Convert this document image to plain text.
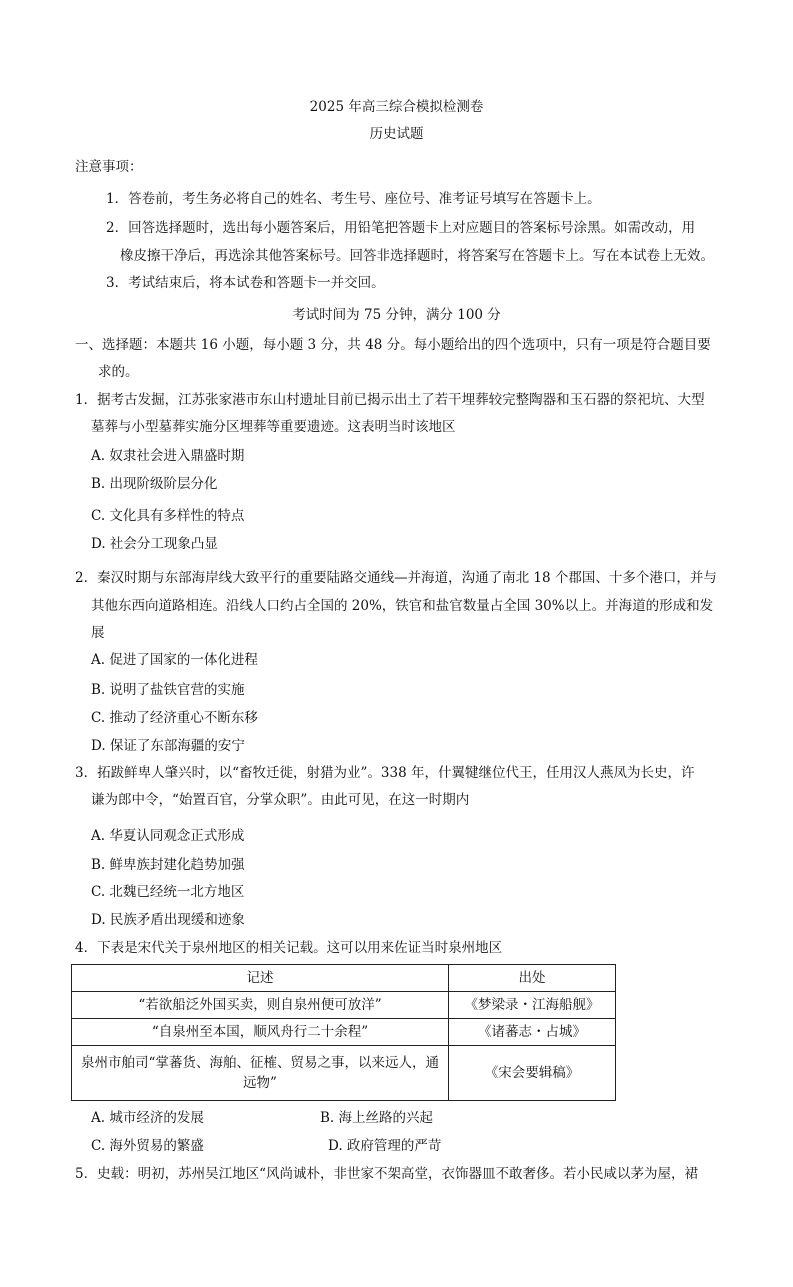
2025 年高三综合模拟检测卷
历史试题
注意事项：
1．答卷前，考生务必将自己的姓名、考生号、座位号、准考证号填写在答题卡上。
2．回答选择题时，选出每小题答案后，用铅笔把答题卡上对应题目的答案标号涂黑。如需改动，用
橡皮擦干净后，再选涂其他答案标号。回答非选择题时，将答案写在答题卡上。写在本试卷上无效。
3．考试结束后，将本试卷和答题卡一并交回。
考试时间为 75 分钟，满分 100 分
一、选择题：本题共 16 小题，每小题 3 分，共 48 分。每小题给出的四个选项中，只有一项是符合题目要
求的。
1．据考古发掘，江苏张家港市东山村遗址目前已揭示出土了若干埋葬较完整陶器和玉石器的祭祀坑、大型
墓葬与小型墓葬实施分区埋葬等重要遗迹。这表明当时该地区
A. 奴隶社会进入鼎盛时期
B. 出现阶级阶层分化
C. 文化具有多样性的特点
D. 社会分工现象凸显
2．秦汉时期与东部海岸线大致平行的重要陆路交通线—并海道，沟通了南北 18 个郡国、十多个港口，并与
其他东西向道路相连。沿线人口约占全国的 20%，铁官和盐官数量占全国 30%以上。并海道的形成和发
展
A. 促进了国家的一体化进程
B. 说明了盐铁官营的实施
C. 推动了经济重心不断东移
D. 保证了东部海疆的安宁
3．拓跋鲜卑人肇兴时，以“畜牧迁徙，射猎为业”。338 年，什翼犍继位代王，任用汉人燕凤为长史，许
谦为郎中令，“始置百官，分掌众职”。由此可见，在这一时期内
A. 华夏认同观念正式形成
B. 鲜卑族封建化趋势加强
C. 北魏已经统一北方地区
D. 民族矛盾出现缓和迹象
4．下表是宋代关于泉州地区的相关记载。这可以用来佐证当时泉州地区
记述	出处
“若欲船泛外国买卖，则自泉州便可放洋”	《梦梁录・江海船舰》
“自泉州至本国，顺风舟行二十余程”	《诸蕃志・占城》
泉州市舶司“掌蕃货、海舶、征榷、贸易之事，以来远人，通远物”	《宋会要辑稿》
A. 城市经济的发展	B. 海上丝路的兴起
C. 海外贸易的繁盛	D. 政府管理的严苛
5．史载：明初，苏州吴江地区“风尚诚朴，非世家不架高堂，衣饰器皿不敢奢侈。若小民咸以茅为屋，裙
